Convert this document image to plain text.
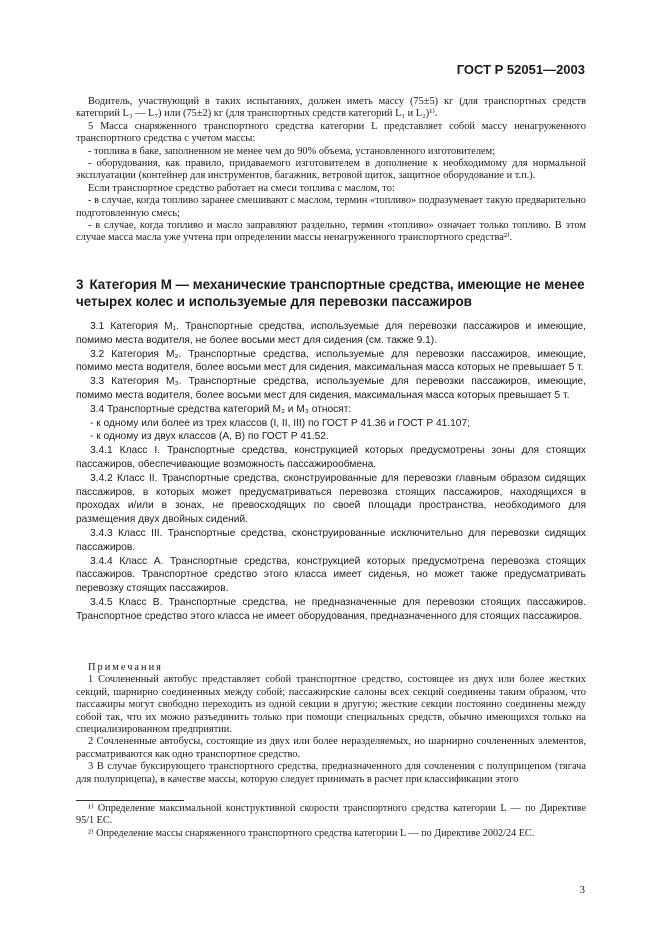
ГОСТ Р 52051—2003

Водитель, участвующий в таких испытаниях, должен иметь массу (75±5) кг (для транспортных средств категорий L₃ — L₇) или (75±2) кг (для транспортных средств категорий L₁ и L₂)¹⁾.

5 Масса снаряженного транспортного средства категории L представляет собой массу ненагруженного транспортного средства с учетом массы:

- топлива в баке, заполненном не менее чем до 90% объема, установленного изготовителем;

- оборудования, как правило, придаваемого изготовителем в дополнение к необходимому для нормальной эксплуатации (контейнер для инструментов, багажник, ветровой щиток, защитное оборудование и т.п.).

Если транспортное средство работает на смеси топлива с маслом, то:

- в случае, когда топливо заранее смешивают с маслом, термин «топливо» подразумевает такую предварительно подготовленную смесь;

- в случае, когда топливо и масло заправляют раздельно, термин «топливо» означает только топливо. В этом случае масса масла уже учтена при определении массы ненагруженного транспортного средства²⁾.

3 Категория M — механические транспортные средства, имеющие не менее четырех колес и используемые для перевозки пассажиров

3.1 Категория M₁. Транспортные средства, используемые для перевозки пассажиров и имеющие, помимо места водителя, не более восьми мест для сидения (см. также 9.1).

3.2 Категория M₂. Транспортные средства, используемые для перевозки пассажиров, имеющие, помимо места водителя, более восьми мест для сидения, максимальная масса которых не превышает 5 т.

3.3 Категория M₃. Транспортные средства, используемые для перевозки пассажиров, имеющие, помимо места водителя, более восьми мест для сидения, максимальная масса которых превышает 5 т.

3.4 Транспортные средства категорий M₂ и M₃ относят:

- к одному или более из трех классов (I, II, III) по ГОСТ Р 41.36 и ГОСТ Р 41.107;

- к одному из двух классов (A, B) по ГОСТ Р 41.52.

3.4.1 Класс I. Транспортные средства, конструкцией которых предусмотрены зоны для стоящих пассажиров, обеспечивающие возможность пассажирообмена.

3.4.2 Класс II. Транспортные средства, сконструированные для перевозки главным образом сидящих пассажиров, в которых может предусматриваться перевозка стоящих пассажиров, находящихся в проходах и/или в зонах, не превосходящих по своей площади пространства, необходимого для размещения двух двойных сидений.

3.4.3 Класс III. Транспортные средства, сконструированные исключительно для перевозки сидящих пассажиров.

3.4.4 Класс A. Транспортные средства, конструкцией которых предусмотрена перевозка стоящих пассажиров. Транспортное средство этого класса имеет сиденья, но может также предусматривать перевозку стоящих пассажиров.

3.4.5 Класс B. Транспортные средства, не предназначенные для перевозки стоящих пассажиров. Транспортное средство этого класса не имеет оборудования, предназначенного для стоящих пассажиров.

Примечания

1 Сочлененный автобус представляет собой транспортное средство, состоящее из двух или более жестких секций, шарнирно соединенных между собой; пассажирские салоны всех секций соединены таким образом, что пассажиры могут свободно переходить из одной секции в другую; жесткие секции постоянно соединены между собой так, что их можно разъединить только при помощи специальных средств, обычно имеющихся только на специализированном предприятии.

2 Сочлененные автобусы, состоящие из двух или более неразделяемых, но шарнирно сочлененных элементов, рассматриваются как одно транспортное средство.

3 В случае буксирующего транспортного средства, предназначенного для сочленения с полуприцепом (тягача для полуприцепа), в качестве массы, которую следует принимать в расчет при классификации этого

¹⁾ Определение максимальной конструктивной скорости транспортного средства категории L — по Директиве 95/1 ЕС.

²⁾ Определение массы снаряженного транспортного средства категории L — по Директиве 2002/24 ЕС.

3
